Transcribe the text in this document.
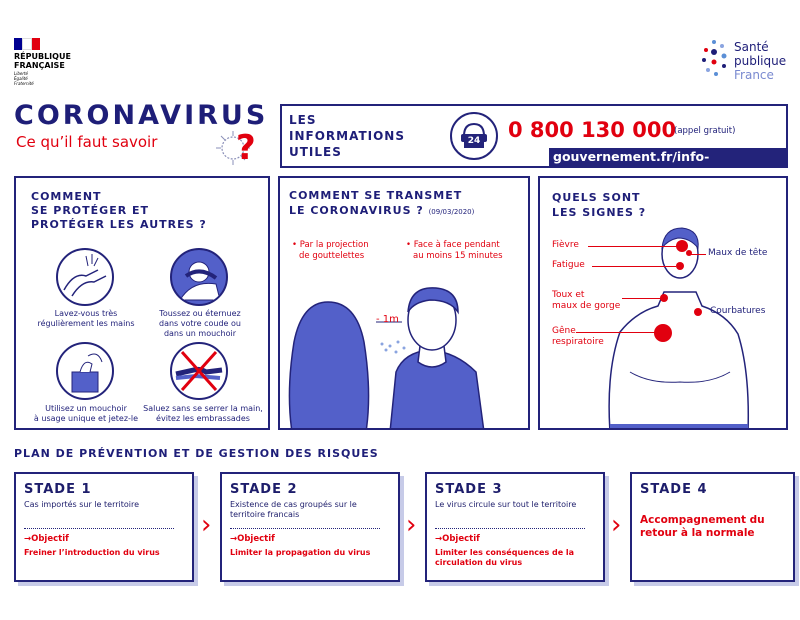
RÉPUBLIQUE
FRANÇAISE
Liberté
Égalité
Fraternité
Santé
publique
France
CORONAVIRUS
Ce qu’il faut savoir ?
LES
INFORMATIONS
UTILES
24 0 800 130 000
(appel gratuit)
gouvernement.fr/info-coronavirus
COMMENT
SE PROTÉGER ET
PROTÉGER LES AUTRES ?
Lavez-vous très
régulièrement les mains
Toussez ou éternuez
dans votre coude ou
dans un mouchoir
Utilisez un mouchoir
à usage unique et jetez-le
Saluez sans se serrer la main,
évitez les embrassades
COMMENT SE TRANSMET
LE CORONAVIRUS ? (09/03/2020)
• Par la projection
de gouttelettes
• Face à face pendant
au moins 15 minutes
- 1m
QUELS SONT
LES SIGNES ?
Fièvre
Fatigue
Maux de tête
Toux et
maux de gorge	Courbatures
Gêne
respiratoire
PLAN DE PRÉVENTION ET DE GESTION DES RISQUES
STADE 1
Cas importés sur le territoire
→Objectif
Freiner l’introduction du virus
›
STADE 2
Existence de cas groupés sur le territoire francais
→Objectif
Limiter la propagation du virus
›
STADE 3
Le virus circule sur tout le territoire
→Objectif
Limiter les conséquences de la circulation du virus
›
STADE 4
Accompagnement du retour à la normale
